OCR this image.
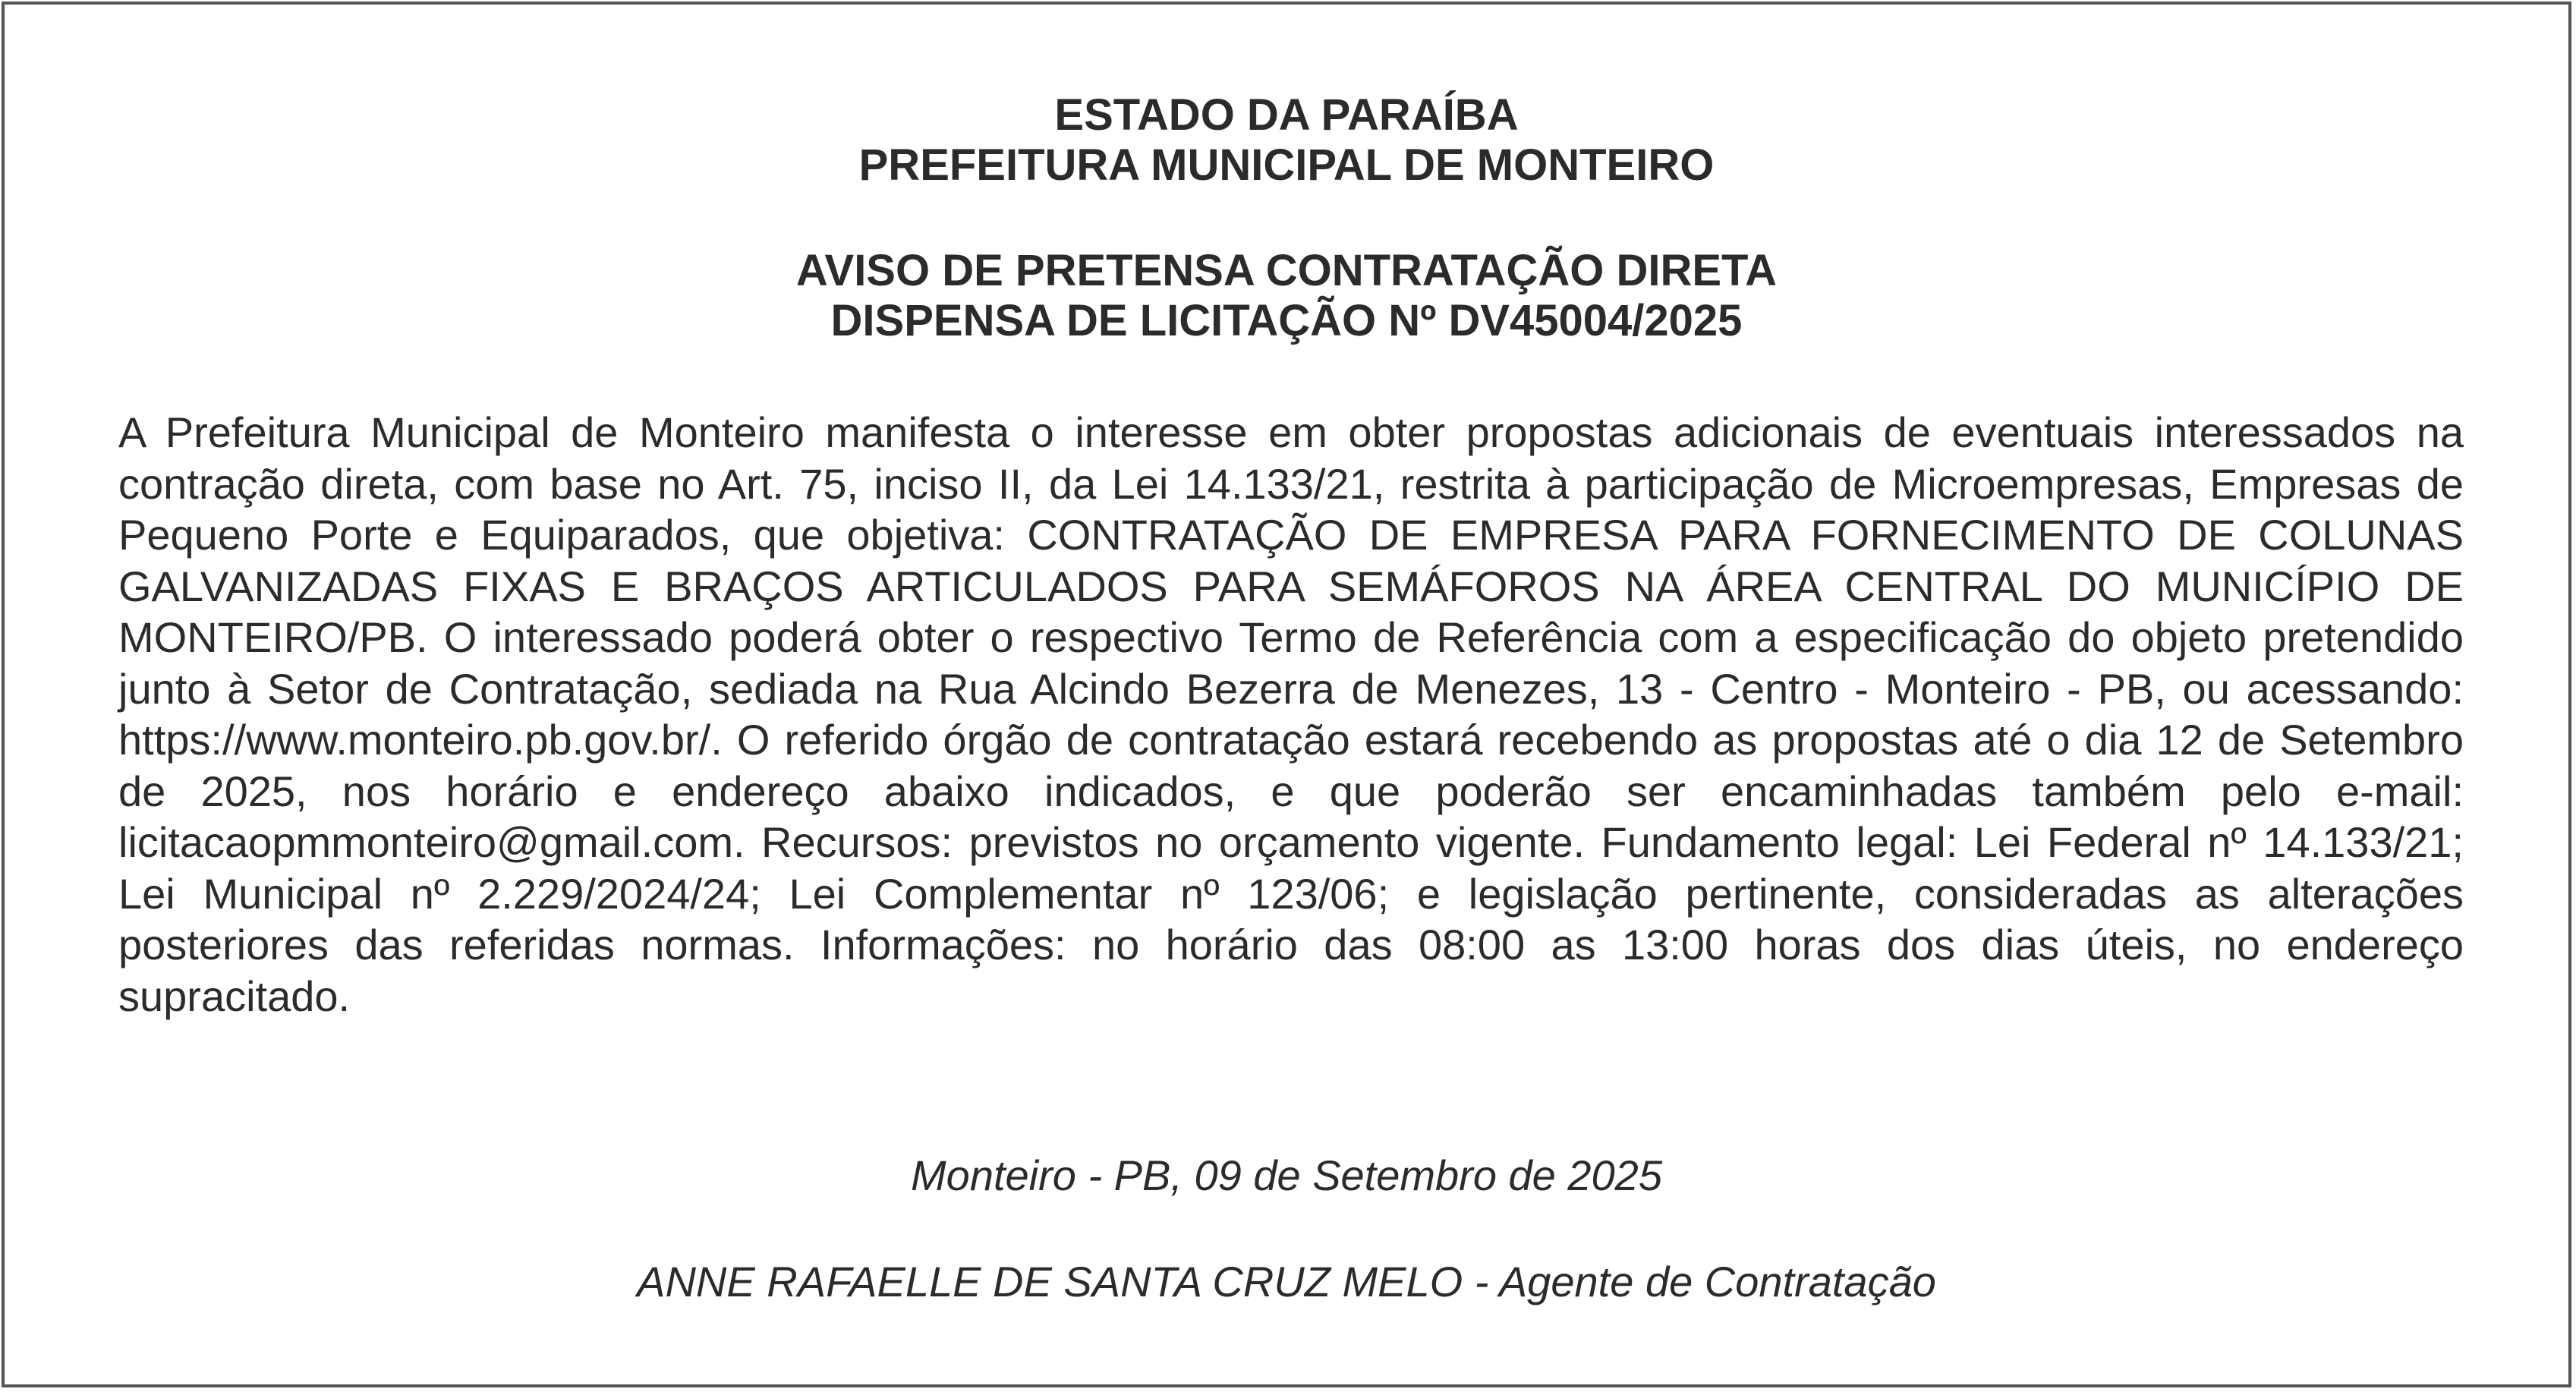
ESTADO DA PARAÍBA
PREFEITURA MUNICIPAL DE MONTEIRO
AVISO DE PRETENSA CONTRATAÇÃO DIRETA
DISPENSA DE LICITAÇÃO Nº DV45004/2025

A Prefeitura Municipal de Monteiro manifesta o interesse em obter propostas adicionais de eventuais interessados na contração direta, com base no Art. 75, inciso II, da Lei 14.133/21, restrita à participação de Microempresas, Empresas de Pequeno Porte e Equiparados, que objetiva: CONTRATAÇÃO DE EMPRESA PARA FORNECIMENTO DE COLUNAS GALVANIZADAS FIXAS E BRAÇOS ARTICULADOS PARA SEMÁFOROS NA ÁREA CENTRAL DO MUNICÍPIO DE MONTEIRO/PB. O interessado poderá obter o respectivo Termo de Referência com a especificação do objeto pretendido junto à Setor de Contratação, sediada na Rua Alcindo Bezerra de Menezes, 13 - Centro - Monteiro - PB, ou acessando: https://www.monteiro.pb.gov.br/. O referido órgão de contratação estará recebendo as propostas até o dia 12 de Setembro de 2025, nos horário e endereço abaixo indicados, e que poderão ser encaminhadas também pelo e-mail: licitacaopmmonteiro@gmail.com. Recursos: previstos no orçamento vigente. Fundamento legal: Lei Federal nº 14.133/21; Lei Municipal nº 2.229/2024/24; Lei Complementar nº 123/06; e legislação pertinente, consideradas as alterações posteriores das referidas normas. Informações: no horário das 08:00 as 13:00 horas dos dias úteis, no endereço supracitado.

Monteiro - PB, 09 de Setembro de 2025
ANNE RAFAELLE DE SANTA CRUZ MELO - Agente de Contratação
